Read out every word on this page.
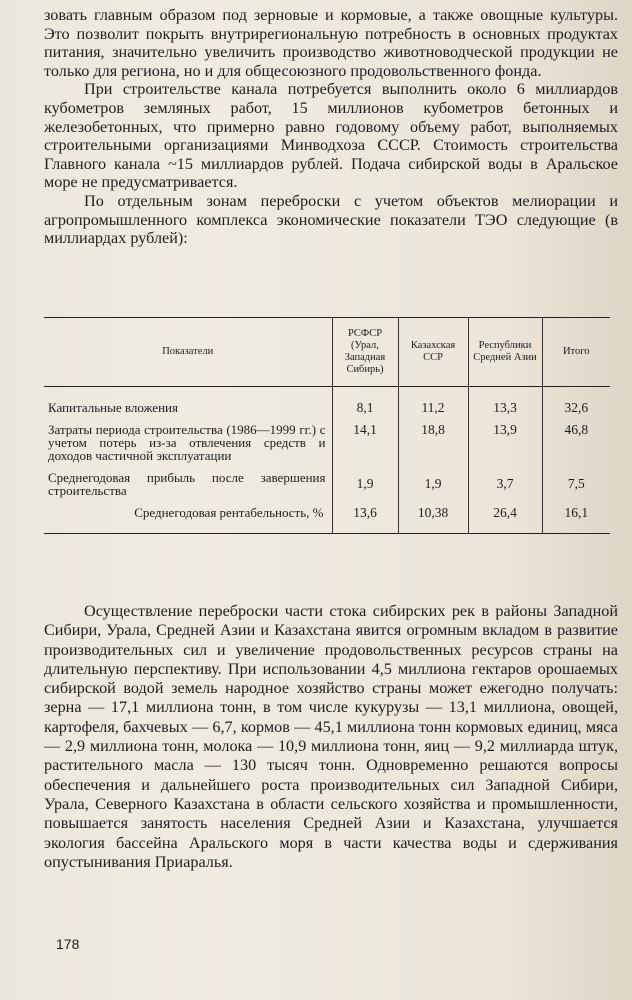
зовать главным образом под зерновые и кормовые, а также овощные культуры. Это позволит покрыть внутрирегиональную потребность в основных продуктах питания, значительно увеличить производство животноводческой продукции не только для региона, но и для общесоюзного продовольственного фонда.

При строительстве канала потребуется выполнить около 6 миллиардов кубометров земляных работ, 15 миллионов кубометров бетонных и железобетонных, что примерно равно годовому объему работ, выполняемых строительными организациями Минводхоза СССР. Стоимость строительства Главного канала ~15 миллиардов рублей. Подача сибирской воды в Аральское море не предусматривается.

По отдельным зонам переброски с учетом объектов мелиорации и агропромышленного комплекса экономические показатели ТЭО следующие (в миллиардах рублей):

Показатели	РСФСР (Урал, Западная Сибирь)	Казахская ССР	Республики Средней Азии	Итого
Капитальные вложения	8,1	11,2	13,3	32,6
Затраты периода строительства (1986—1999 гг.) с учетом потерь из-за отвлечения средств и доходов частичной эксплуатации	14,1	18,8	13,9	46,8
Среднегодовая прибыль после завершения строительства	1,9	1,9	3,7	7,5
Среднегодовая рентабельность, %	13,6	10,38	26,4	16,1

Осуществление переброски части стока сибирских рек в районы Западной Сибири, Урала, Средней Азии и Казахстана явится огромным вкладом в развитие производительных сил и увеличение продовольственных ресурсов страны на длительную перспективу. При использовании 4,5 миллиона гектаров орошаемых сибирской водой земель народное хозяйство страны может ежегодно получать: зерна — 17,1 миллиона тонн, в том числе кукурузы — 13,1 миллиона, овощей, картофеля, бахчевых — 6,7, кормов — 45,1 миллиона тонн кормовых единиц, мяса — 2,9 миллиона тонн, молока — 10,9 миллиона тонн, яиц — 9,2 миллиарда штук, растительного масла — 130 тысяч тонн. Одновременно решаются вопросы обеспечения и дальнейшего роста производительных сил Западной Сибири, Урала, Северного Казахстана в области сельского хозяйства и промышленности, повышается занятость населения Средней Азии и Казахстана, улучшается экология бассейна Аральского моря в части качества воды и сдерживания опустынивания Приаралья.

178
